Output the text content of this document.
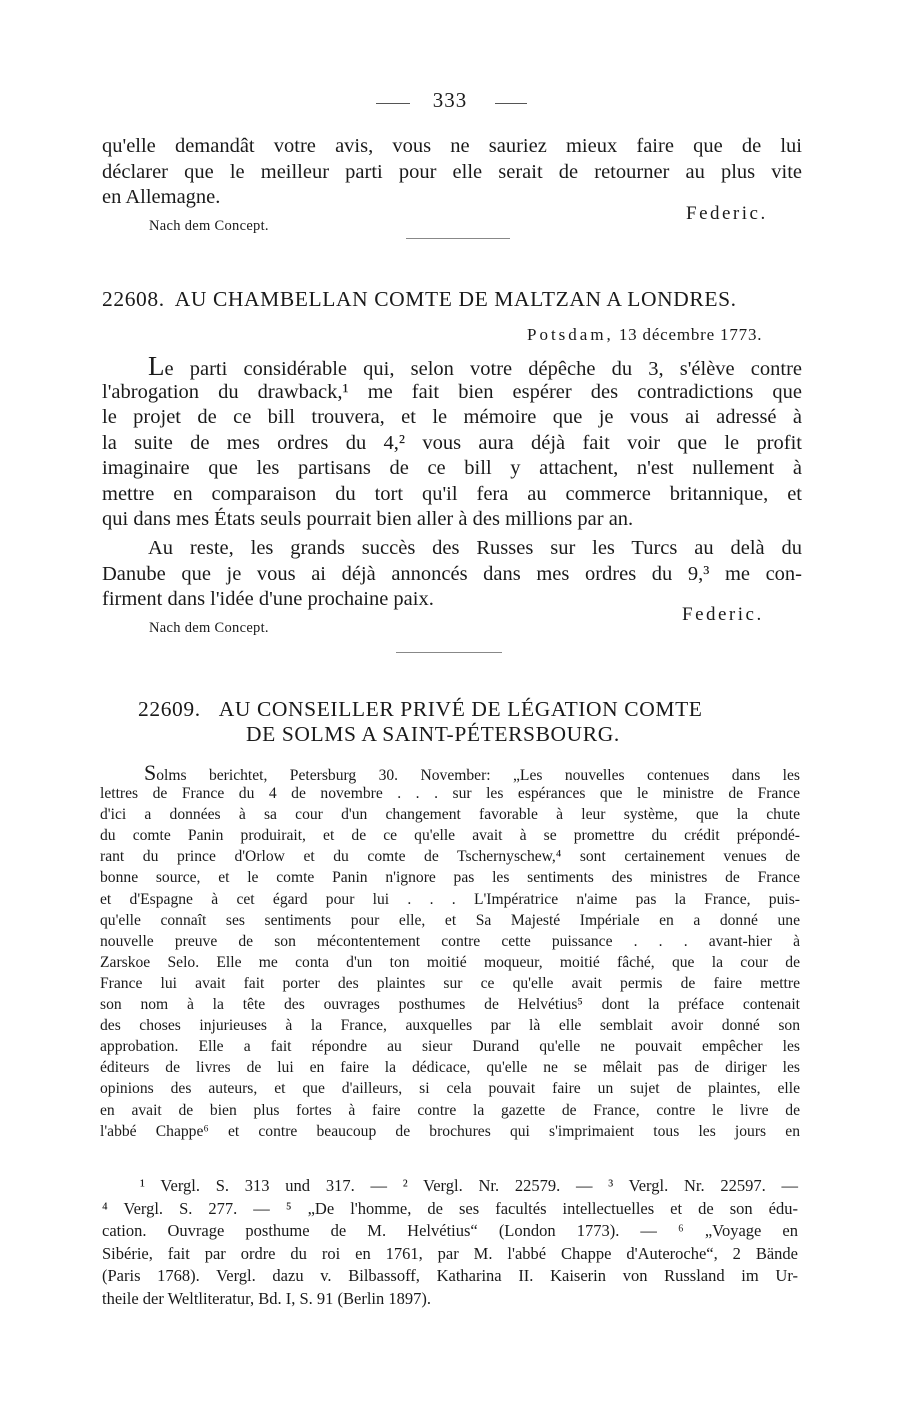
333
qu'elle demandât votre avis, vous ne sauriez mieux faire que de lui
déclarer que le meilleur parti pour elle serait de retourner au plus vite
en Allemagne.
Federic.
Nach dem Concept.
22608. AU CHAMBELLAN COMTE DE MALTZAN A LONDRES.
Potsdam, 13 décembre 1773.
Le parti considérable qui, selon votre dépêche du 3, s'élève contre
l'abrogation du drawback,¹ me fait bien espérer des contradictions que
le projet de ce bill trouvera, et le mémoire que je vous ai adressé à
la suite de mes ordres du 4,² vous aura déjà fait voir que le profit
imaginaire que les partisans de ce bill y attachent, n'est nullement à
mettre en comparaison du tort qu'il fera au commerce britannique, et
qui dans mes États seuls pourrait bien aller à des millions par an.
Au reste, les grands succès des Russes sur les Turcs au delà du
Danube que je vous ai déjà annoncés dans mes ordres du 9,³ me con-
firment dans l'idée d'une prochaine paix.
Federic.
Nach dem Concept.
22609. AU CONSEILLER PRIVÉ DE LÉGATION COMTE
DE SOLMS A SAINT-PÉTERSBOURG.
Solms berichtet, Petersburg 30. November: „Les nouvelles contenues dans les
lettres de France du 4 de novembre . . . sur les espérances que le ministre de France
d'ici a données à sa cour d'un changement favorable à leur système, que la chute
du comte Panin produirait, et de ce qu'elle avait à se promettre du crédit prépondé-
rant du prince d'Orlow et du comte de Tschernyschew,⁴ sont certainement venues de
bonne source, et le comte Panin n'ignore pas les sentiments des ministres de France
et d'Espagne à cet égard pour lui . . . L'Impératrice n'aime pas la France, puis-
qu'elle connaît ses sentiments pour elle, et Sa Majesté Impériale en a donné une
nouvelle preuve de son mécontentement contre cette puissance . . . avant-hier à
Zarskoe Selo. Elle me conta d'un ton moitié moqueur, moitié fâché, que la cour de
France lui avait fait porter des plaintes sur ce qu'elle avait permis de faire mettre
son nom à la tête des ouvrages posthumes de Helvétius⁵ dont la préface contenait
des choses injurieuses à la France, auxquelles par là elle semblait avoir donné son
approbation. Elle a fait répondre au sieur Durand qu'elle ne pouvait empêcher les
éditeurs de livres de lui en faire la dédicace, qu'elle ne se mêlait pas de diriger les
opinions des auteurs, et que d'ailleurs, si cela pouvait faire un sujet de plaintes, elle
en avait de bien plus fortes à faire contre la gazette de France, contre le livre de
l'abbé Chappe⁶ et contre beaucoup de brochures qui s'imprimaient tous les jours en
¹ Vergl. S. 313 und 317. — ² Vergl. Nr. 22579. — ³ Vergl. Nr. 22597. —
⁴ Vergl. S. 277. — ⁵ „De l'homme, de ses facultés intellectuelles et de son édu-
cation. Ouvrage posthume de M. Helvétius“ (London 1773). — ⁶ „Voyage en
Sibérie, fait par ordre du roi en 1761, par M. l'abbé Chappe d'Auteroche“, 2 Bände
(Paris 1768). Vergl. dazu v. Bilbassoff, Katharina II. Kaiserin von Russland im Ur-
theile der Weltliteratur, Bd. I, S. 91 (Berlin 1897).
